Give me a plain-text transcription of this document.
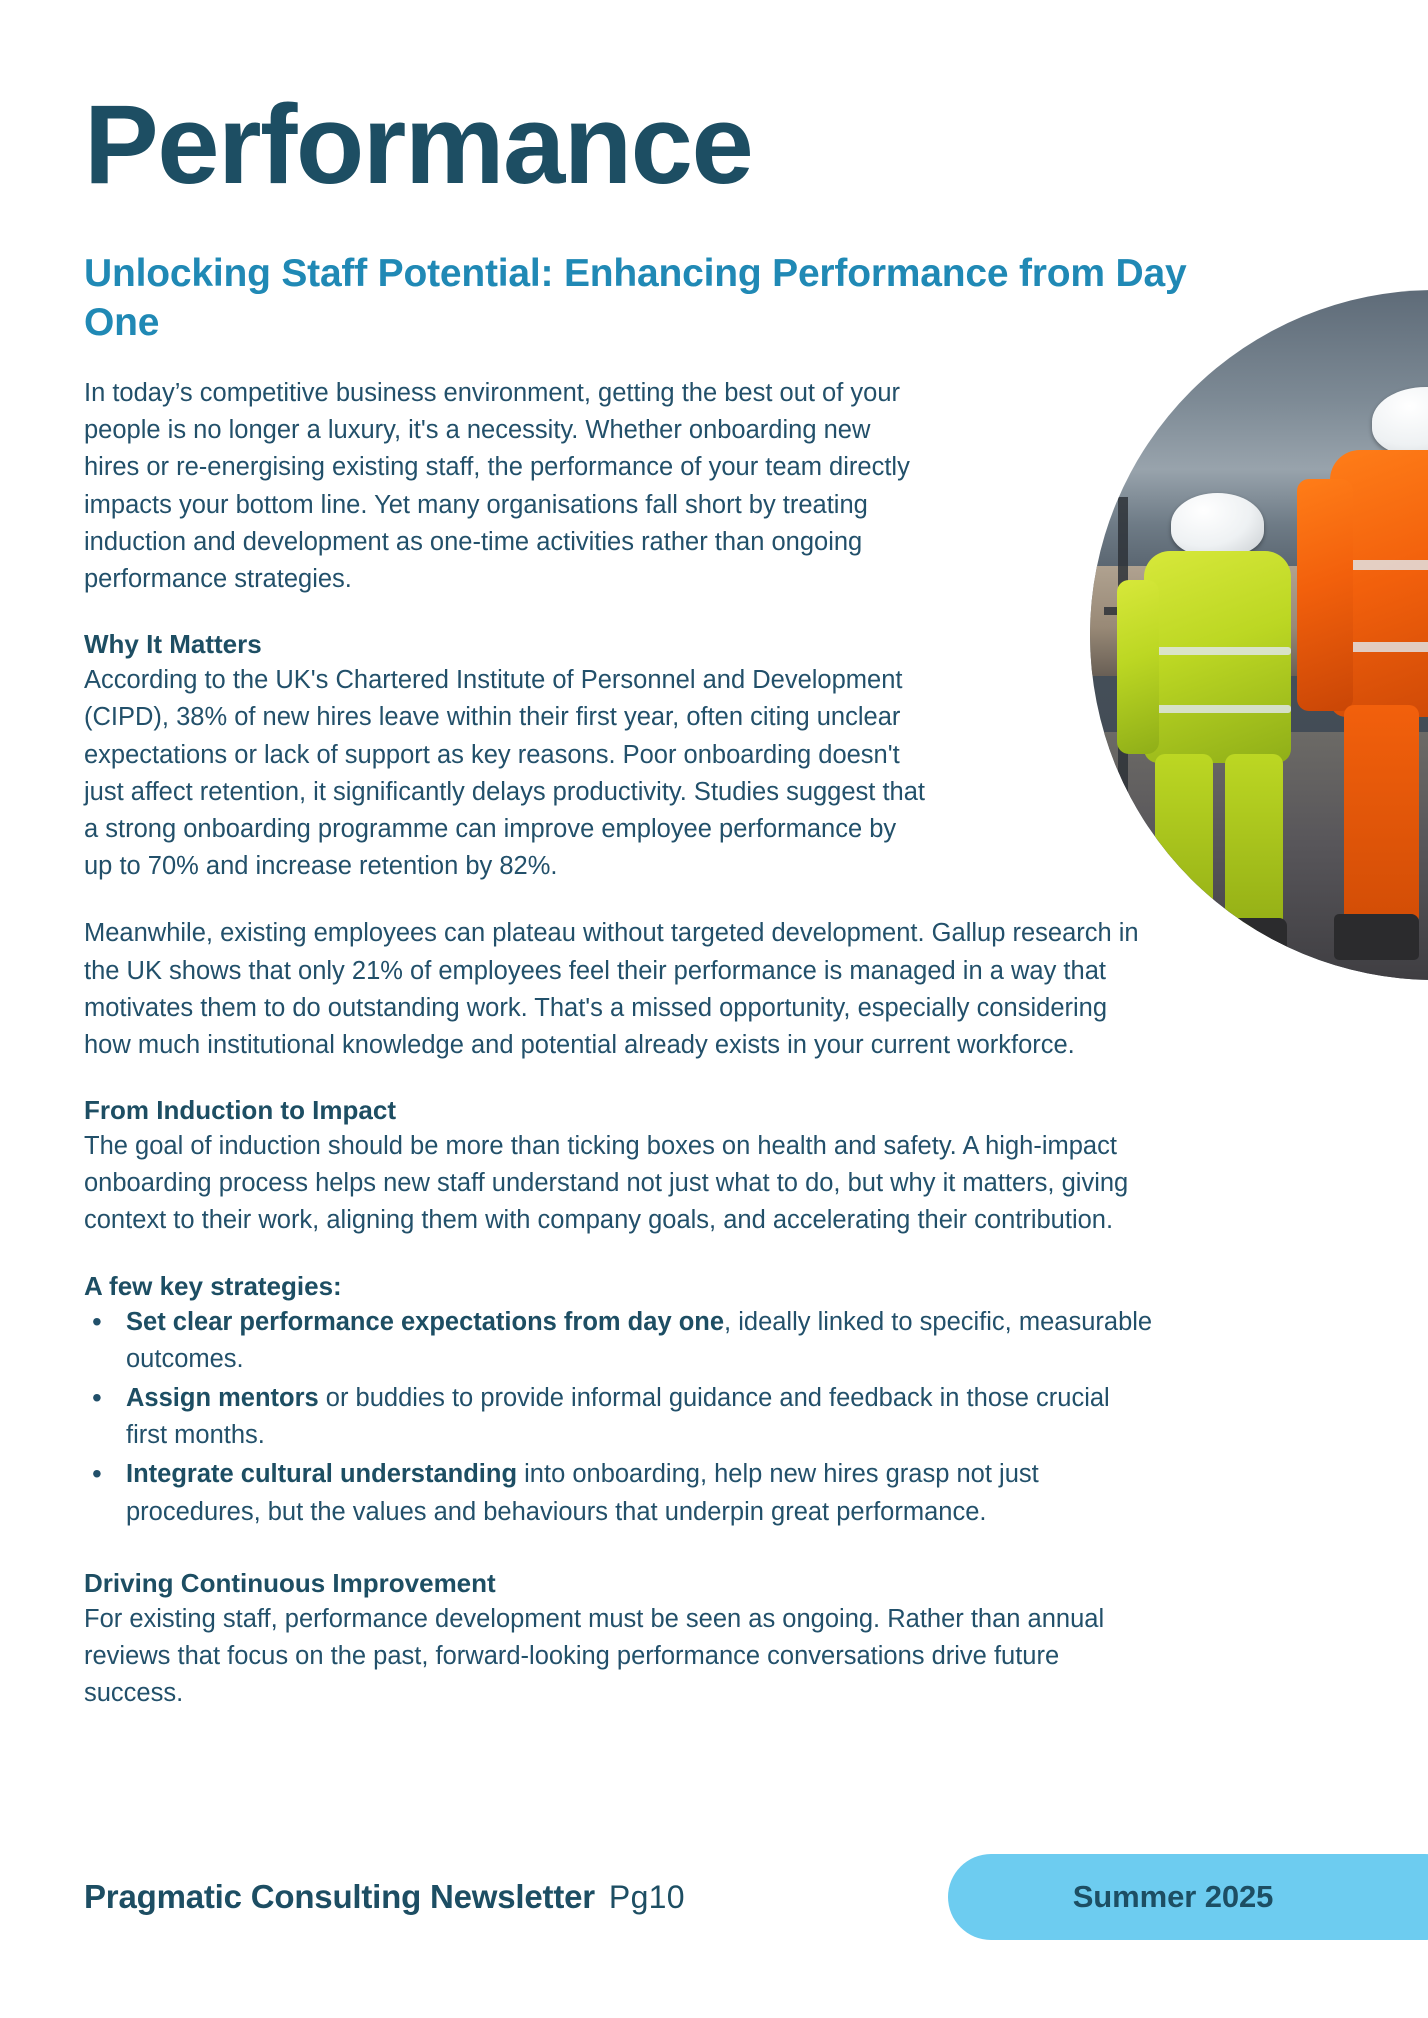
Performance
Unlocking Staff Potential: Enhancing Performance from Day One

In today’s competitive business environment, getting the best out of your people is no longer a luxury, it's a necessity. Whether onboarding new hires or re-energising existing staff, the performance of your team directly impacts your bottom line. Yet many organisations fall short by treating induction and development as one-time activities rather than ongoing performance strategies.

Why It Matters

According to the UK's Chartered Institute of Personnel and Development (CIPD), 38% of new hires leave within their first year, often citing unclear expectations or lack of support as key reasons. Poor onboarding doesn't just affect retention, it significantly delays productivity. Studies suggest that a strong onboarding programme can improve employee performance by up to 70% and increase retention by 82%.

Meanwhile, existing employees can plateau without targeted development. Gallup research in the UK shows that only 21% of employees feel their performance is managed in a way that motivates them to do outstanding work. That's a missed opportunity, especially considering how much institutional knowledge and potential already exists in your current workforce.

From Induction to Impact

The goal of induction should be more than ticking boxes on health and safety. A high-impact onboarding process helps new staff understand not just what to do, but why it matters, giving context to their work, aligning them with company goals, and accelerating their contribution.

A few key strategies:
• Set clear performance expectations from day one, ideally linked to specific, measurable outcomes.
• Assign mentors or buddies to provide informal guidance and feedback in those crucial first months.
• Integrate cultural understanding into onboarding, help new hires grasp not just procedures, but the values and behaviours that underpin great performance.
Driving Continuous Improvement

For existing staff, performance development must be seen as ongoing. Rather than annual reviews that focus on the past, forward-looking performance conversations drive future success.

Pragmatic Consulting Newsletter Pg10	Summer 2025
